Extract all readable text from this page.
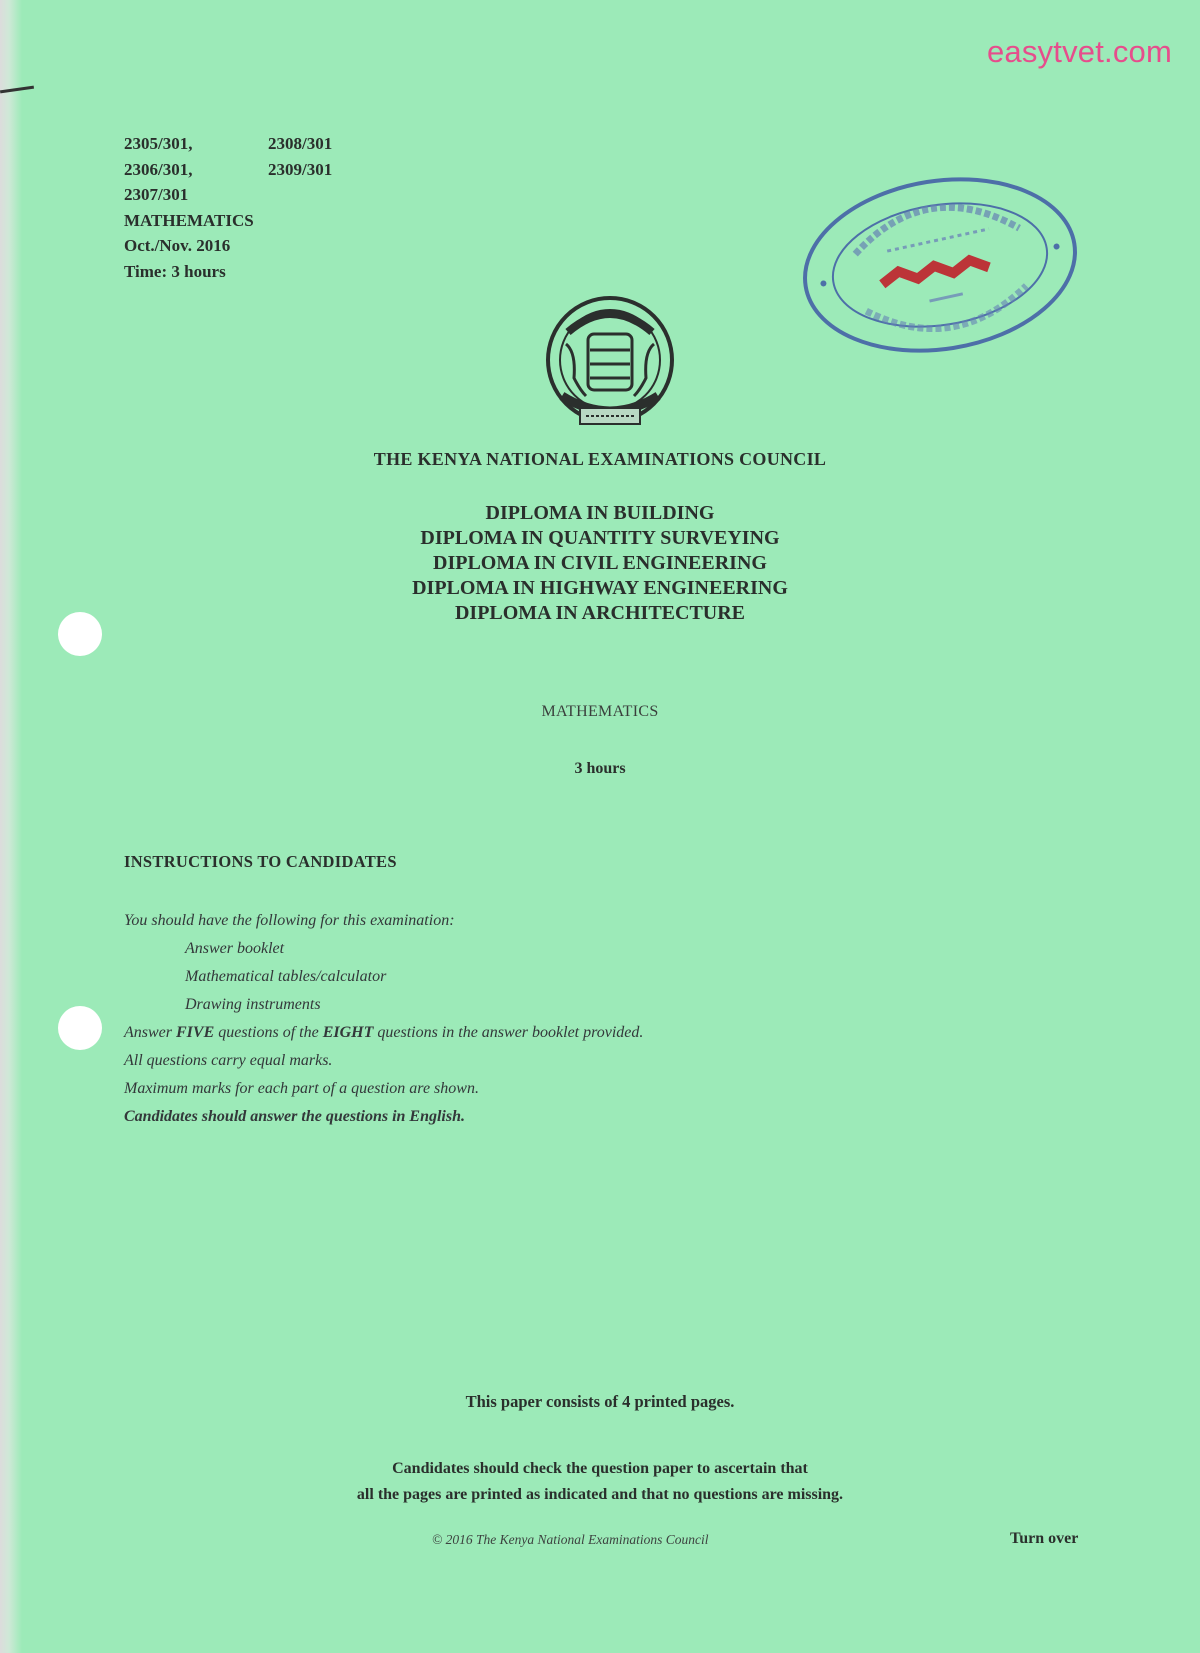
easytvet.com
2305/301,	2308/301
2306/301,	2309/301
2307/301
MATHEMATICS
Oct./Nov. 2016
Time: 3 hours
THE KENYA NATIONAL EXAMINATIONS COUNCIL
DIPLOMA IN BUILDING
DIPLOMA IN QUANTITY SURVEYING
DIPLOMA IN CIVIL ENGINEERING
DIPLOMA IN HIGHWAY ENGINEERING
DIPLOMA IN ARCHITECTURE
MATHEMATICS
3 hours
INSTRUCTIONS TO CANDIDATES
You should have the following for this examination:
Answer booklet
Mathematical tables/calculator
Drawing instruments
Answer FIVE questions of the EIGHT questions in the answer booklet provided.
All questions carry equal marks.
Maximum marks for each part of a question are shown.
Candidates should answer the questions in English.
This paper consists of 4 printed pages.
Candidates should check the question paper to ascertain that
all the pages are printed as indicated and that no questions are missing.
© 2016 The Kenya National Examinations Council	Turn over
